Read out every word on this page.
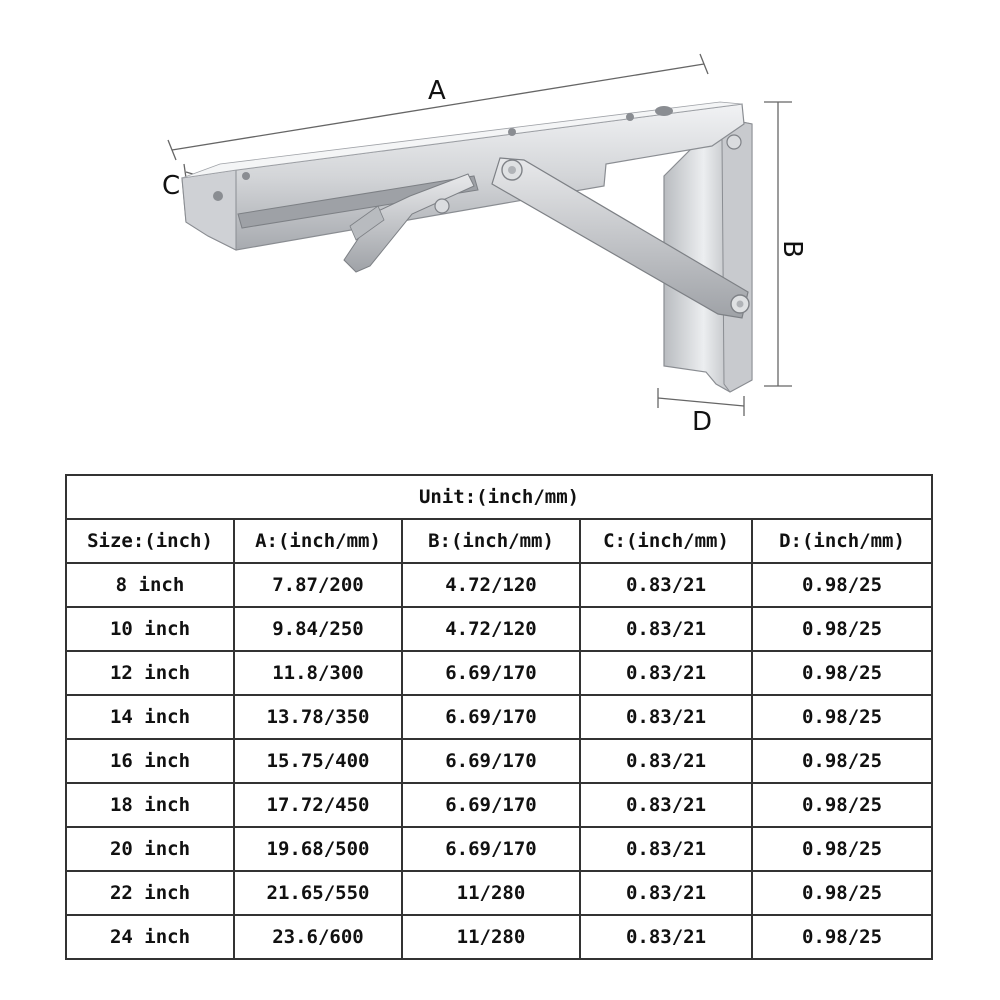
A
B
C
D
Unit:(inch/mm)				
Size:(inch)	A:(inch/mm)	B:(inch/mm)	C:(inch/mm)	D:(inch/mm)
8 inch	7.87/200	4.72/120	0.83/21	0.98/25
10 inch	9.84/250	4.72/120	0.83/21	0.98/25
12 inch	11.8/300	6.69/170	0.83/21	0.98/25
14 inch	13.78/350	6.69/170	0.83/21	0.98/25
16 inch	15.75/400	6.69/170	0.83/21	0.98/25
18 inch	17.72/450	6.69/170	0.83/21	0.98/25
20 inch	19.68/500	6.69/170	0.83/21	0.98/25
22 inch	21.65/550	11/280	0.83/21	0.98/25
24 inch	23.6/600	11/280	0.83/21	0.98/25
